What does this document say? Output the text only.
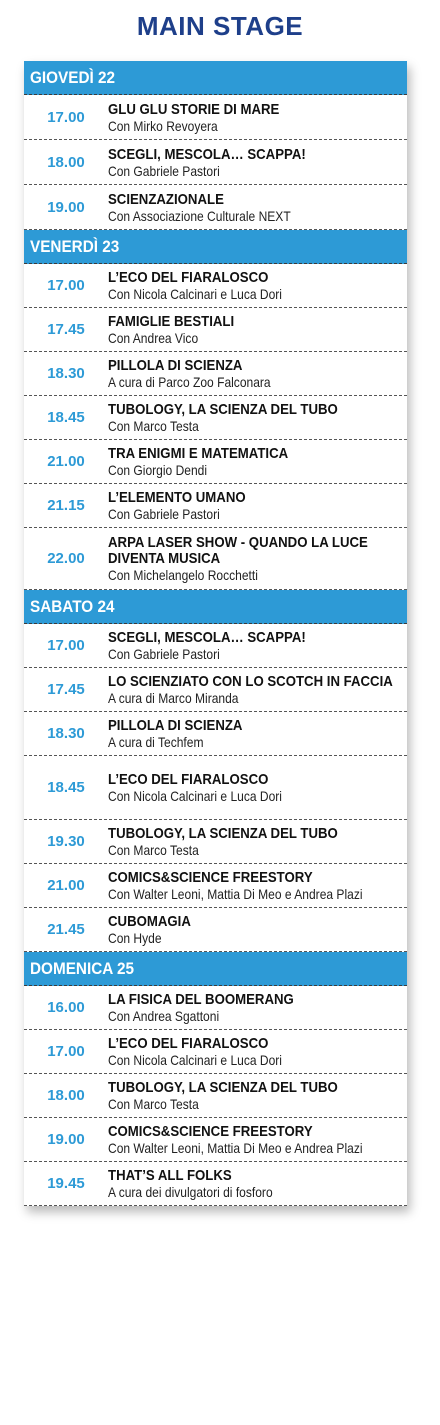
MAIN STAGE
GIOVEDÌ 22
17.00	GLU GLU STORIE DI MARE
Con Mirko Revoyera
18.00	SCEGLI, MESCOLA… SCAPPA!
Con Gabriele Pastori
19.00	SCIENZAZIONALE
Con Associazione Culturale NEXT
VENERDÌ 23
17.00	L’ECO DEL FIARALOSCO
Con Nicola Calcinari e Luca Dori
17.45	FAMIGLIE BESTIALI
Con Andrea Vico
18.30	PILLOLA DI SCIENZA
A cura di Parco Zoo Falconara
18.45	TUBOLOGY, LA SCIENZA DEL TUBO
Con Marco Testa
21.00	TRA ENIGMI E MATEMATICA
Con Giorgio Dendi
21.15	L’ELEMENTO UMANO
Con Gabriele Pastori
22.00
ARPA LASER SHOW - QUANDO LA LUCE
DIVENTA MUSICA
Con Michelangelo Rocchetti
SABATO 24
17.00	SCEGLI, MESCOLA… SCAPPA!
Con Gabriele Pastori
17.45	LO SCIENZIATO CON LO SCOTCH IN FACCIA
A cura di Marco Miranda
18.30	PILLOLA DI SCIENZA
A cura di Techfem
18.45	L’ECO DEL FIARALOSCO
Con Nicola Calcinari e Luca Dori
19.30	TUBOLOGY, LA SCIENZA DEL TUBO
Con Marco Testa
21.00	COMICS&SCIENCE FREESTORY
Con Walter Leoni, Mattia Di Meo e Andrea Plazi
21.45	CUBOMAGIA
Con Hyde
DOMENICA 25
16.00	LA FISICA DEL BOOMERANG
Con Andrea Sgattoni
17.00	L’ECO DEL FIARALOSCO
Con Nicola Calcinari e Luca Dori
18.00	TUBOLOGY, LA SCIENZA DEL TUBO
Con Marco Testa
19.00	COMICS&SCIENCE FREESTORY
Con Walter Leoni, Mattia Di Meo e Andrea Plazi
19.45	THAT’S ALL FOLKS
A cura dei divulgatori di fosforo
